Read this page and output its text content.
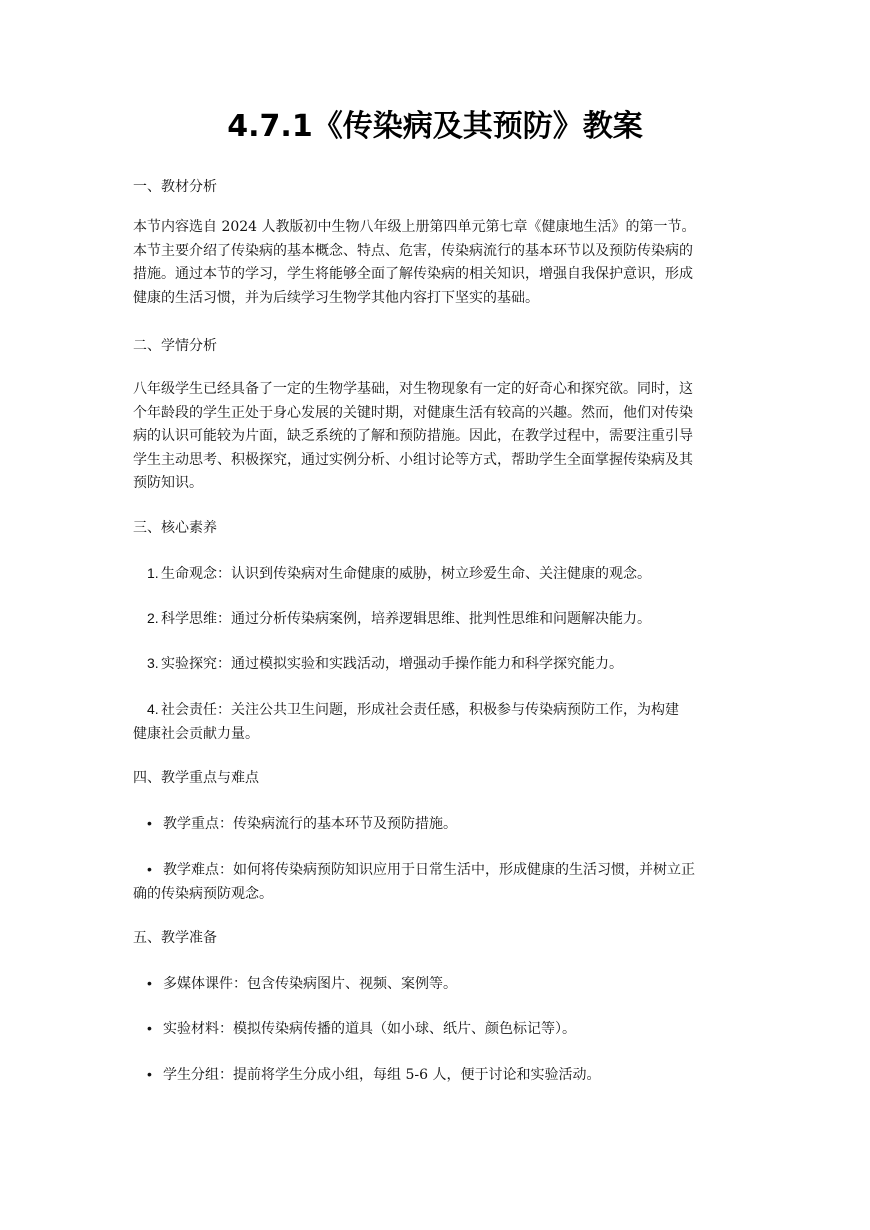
4.7.1《传染病及其预防》教案
一、教材分析
本节内容选自 2024 人教版初中生物八年级上册第四单元第七章《健康地生活》的第一节。
本节主要介绍了传染病的基本概念、特点、危害，传染病流行的基本环节以及预防传染病的
措施。通过本节的学习，学生将能够全面了解传染病的相关知识，增强自我保护意识，形成
健康的生活习惯，并为后续学习生物学其他内容打下坚实的基础。
二、学情分析
八年级学生已经具备了一定的生物学基础，对生物现象有一定的好奇心和探究欲。同时，这
个年龄段的学生正处于身心发展的关键时期，对健康生活有较高的兴趣。然而，他们对传染
病的认识可能较为片面，缺乏系统的了解和预防措施。因此，在教学过程中，需要注重引导
学生主动思考、积极探究，通过实例分析、小组讨论等方式，帮助学生全面掌握传染病及其
预防知识。
三、核心素养
1. 生命观念：认识到传染病对生命健康的威胁，树立珍爱生命、关注健康的观念。
2. 科学思维：通过分析传染病案例，培养逻辑思维、批判性思维和问题解决能力。
3. 实验探究：通过模拟实验和实践活动，增强动手操作能力和科学探究能力。
4. 社会责任：关注公共卫生问题，形成社会责任感，积极参与传染病预防工作，为构建
健康社会贡献力量。
四、教学重点与难点
• 教学重点：传染病流行的基本环节及预防措施。
• 教学难点：如何将传染病预防知识应用于日常生活中，形成健康的生活习惯，并树立正
确的传染病预防观念。
五、教学准备
• 多媒体课件：包含传染病图片、视频、案例等。
• 实验材料：模拟传染病传播的道具（如小球、纸片、颜色标记等）。
• 学生分组：提前将学生分成小组，每组 5-6 人，便于讨论和实验活动。
